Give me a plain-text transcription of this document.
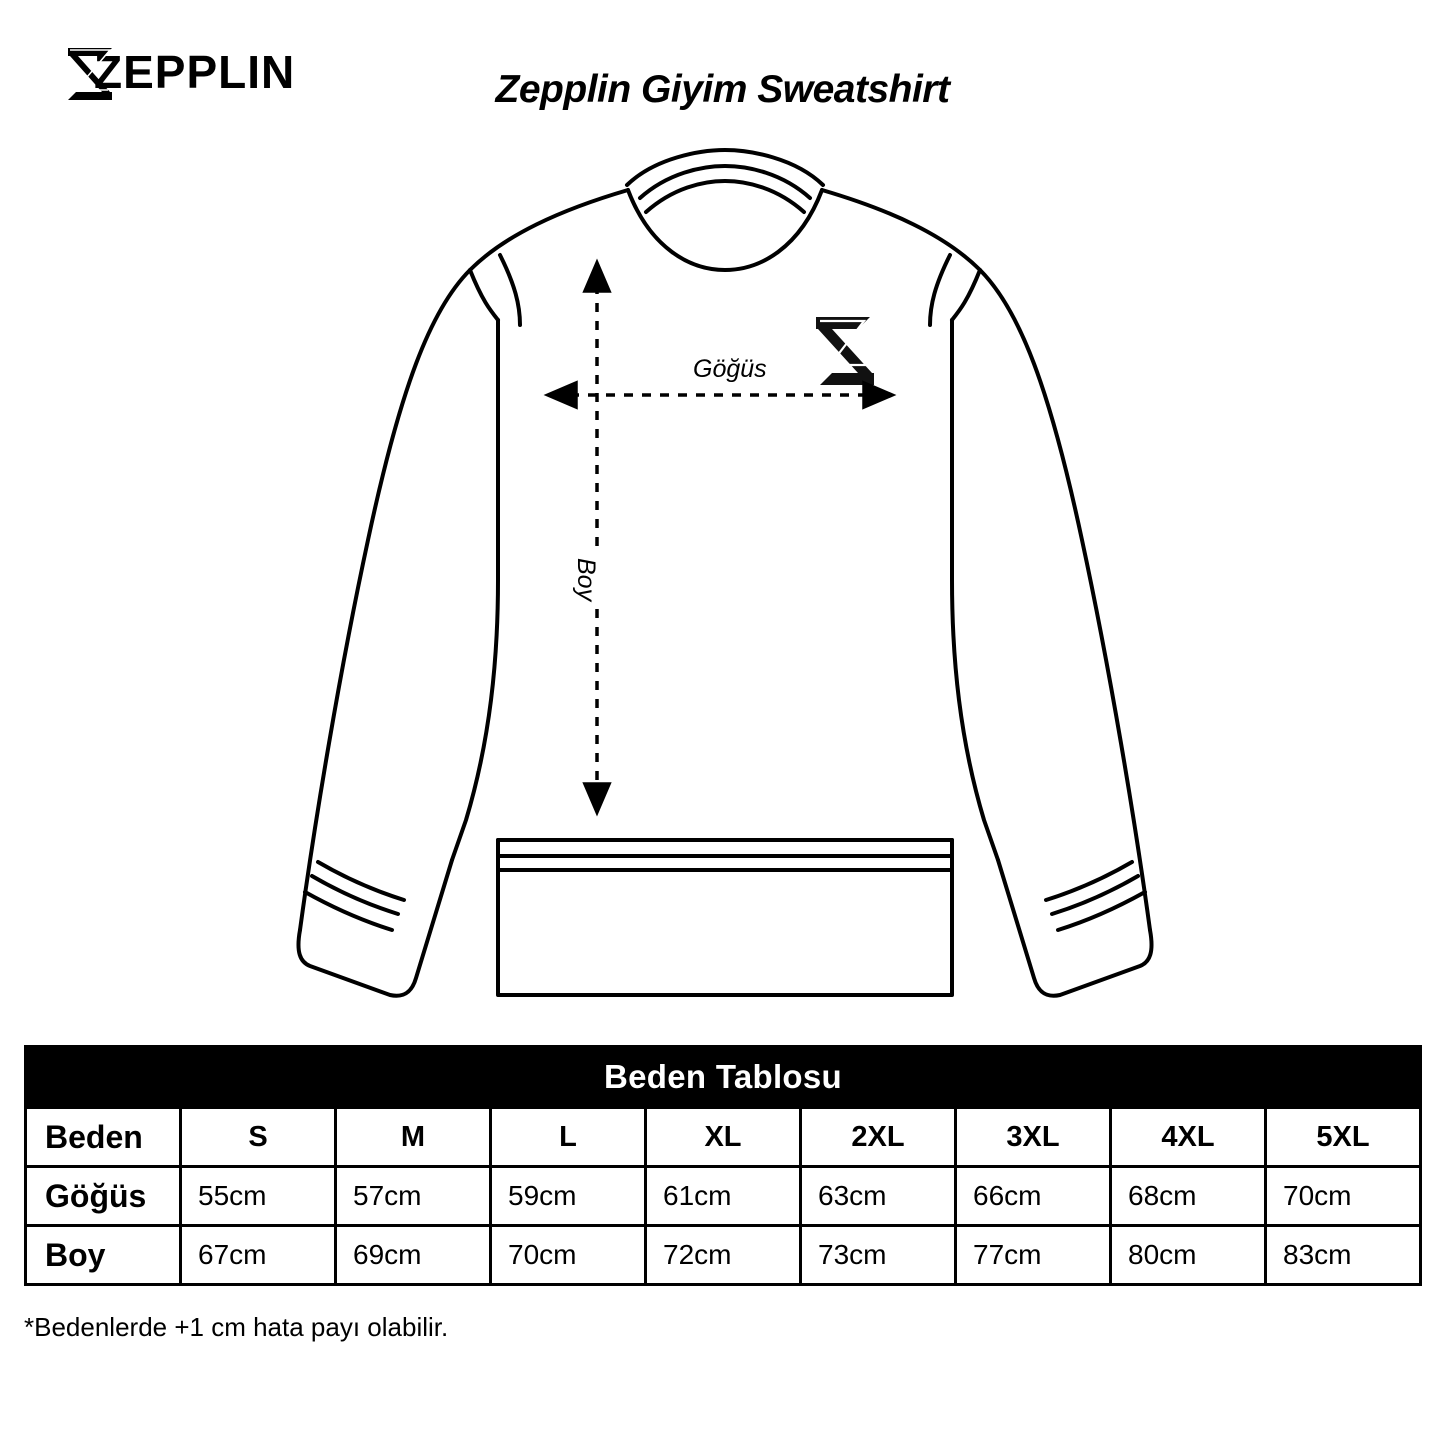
ZEPPLIN	Zepplin Giyim Sweatshirt
Göğüs
Boy
Beden Tablosu								
Beden	S	M	L	XL	2XL	3XL	4XL	5XL
Göğüs	55cm	57cm	59cm	61cm	63cm	66cm	68cm	70cm
Boy	67cm	69cm	70cm	72cm	73cm	77cm	80cm	83cm
*Bedenlerde +1 cm hata payı olabilir.
